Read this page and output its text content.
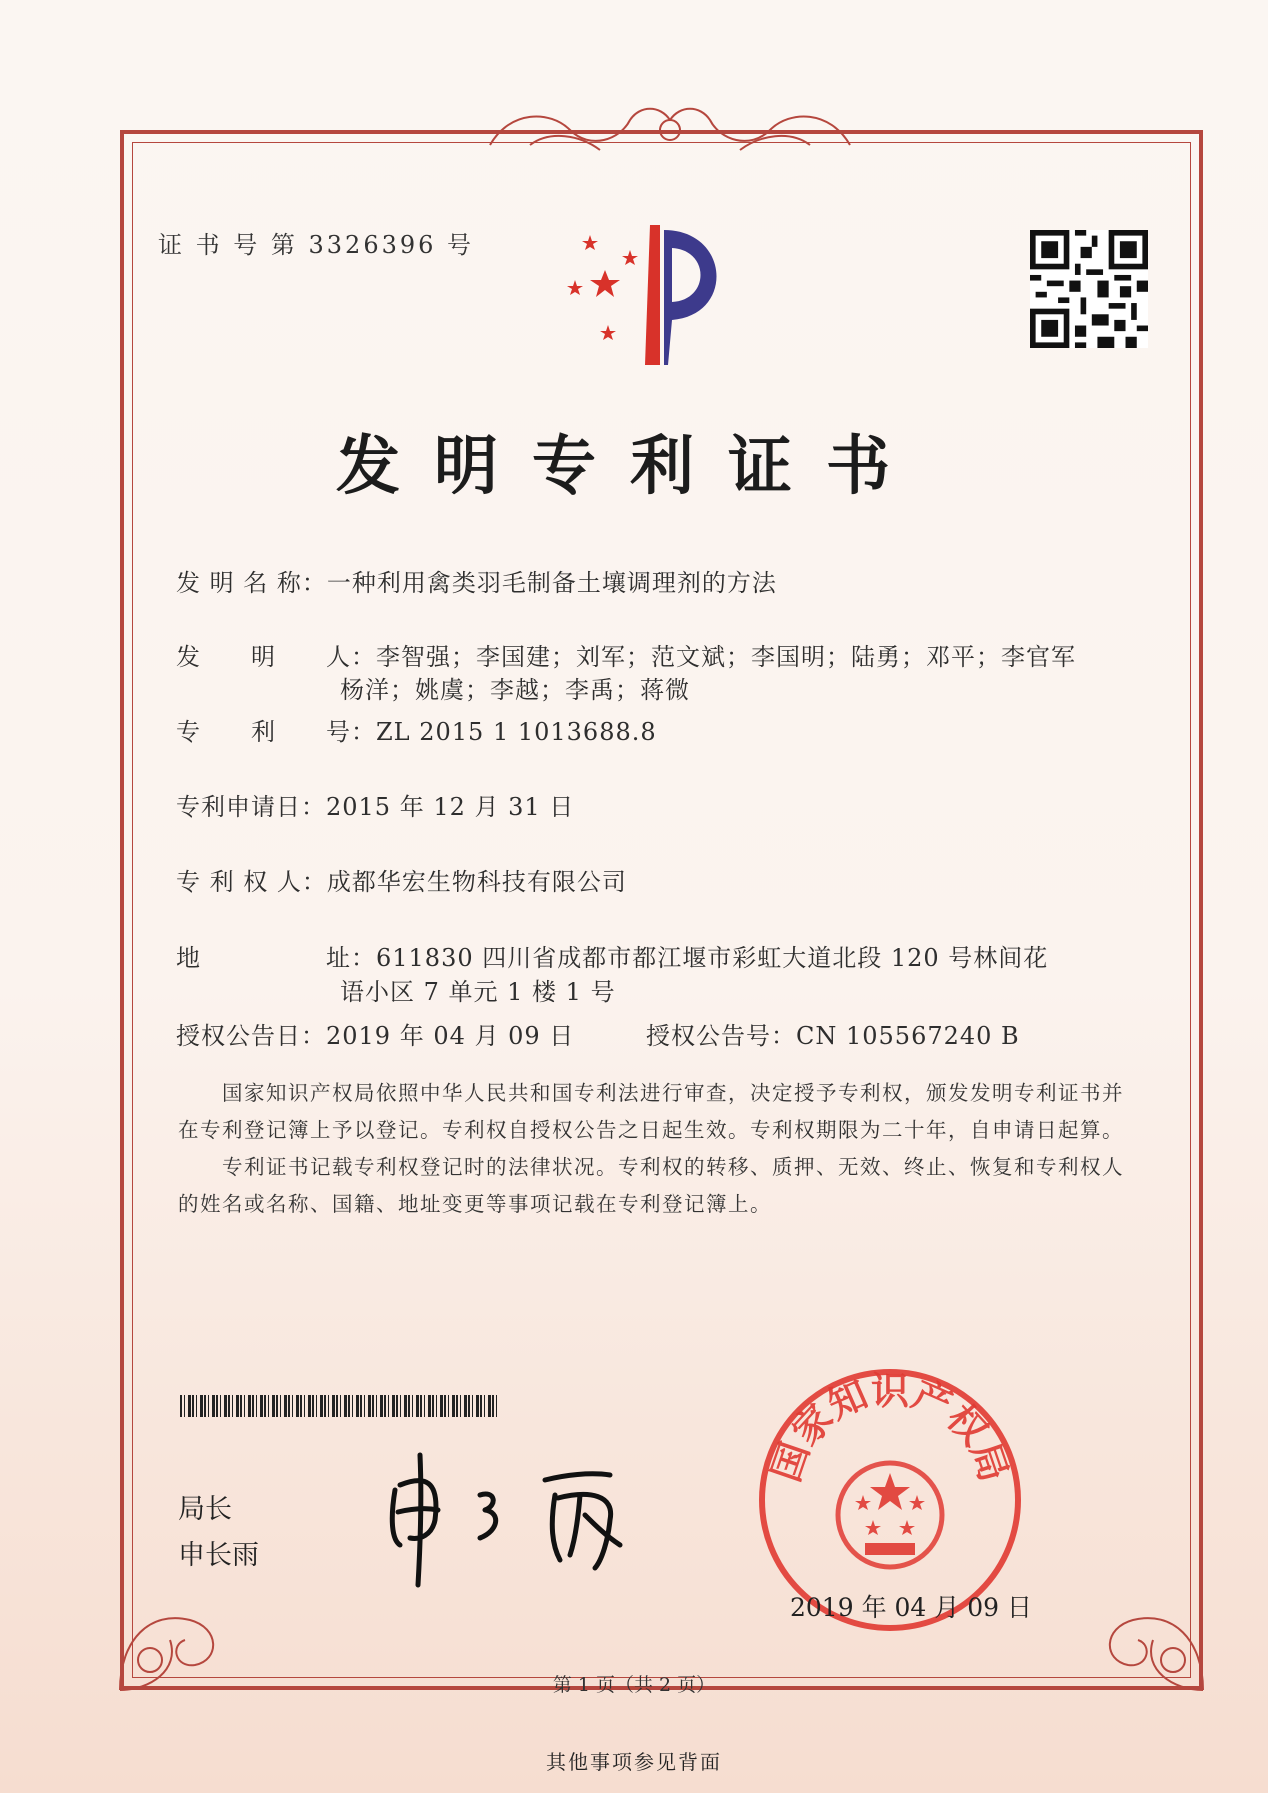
证 书 号 第 3326396 号
发明专利证书
发 明 名 称：一种利用禽类羽毛制备土壤调理剂的方法
发　　明　　人：李智强；李国建；刘军；范文斌；李国明；陆勇；邓平；李官军
杨洋；姚虞；李越；李禹；蒋微
专　　利　　号：ZL 2015 1 1013688.8
专利申请日：2015 年 12 月 31 日
专 利 权 人：成都华宏生物科技有限公司
地　　　　　址：611830 四川省成都市都江堰市彩虹大道北段 120 号林间花
语小区 7 单元 1 楼 1 号
授权公告日：2019 年 04 月 09 日	授权公告号：CN 105567240 B

国家知识产权局依照中华人民共和国专利法进行审查，决定授予专利权，颁发发明专利证书并在专利登记簿上予以登记。专利权自授权公告之日起生效。专利权期限为二十年，自申请日起算。

专利证书记载专利权登记时的法律状况。专利权的转移、质押、无效、终止、恢复和专利权人的姓名或名称、国籍、地址变更等事项记载在专利登记簿上。

局长
申长雨
国家知识产权局
2019 年 04 月 09 日
第 1 页（共 2 页）
其他事项参见背面
